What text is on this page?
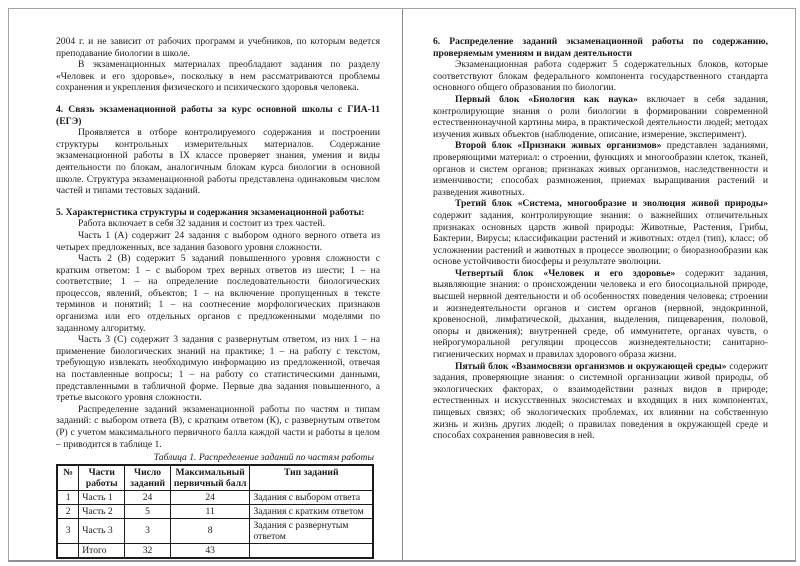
2004 г. и не зависит от рабочих программ и учебников, по которым ведется преподавание биологии в школе.

В экзаменационных материалах преобладают задания по разделу «Человек и его здоровье», поскольку в нем рассматриваются проблемы сохранения и укрепления физического и психического здоровья человека.

4. Связь экзаменационной работы за курс основной школы с ГИА-11 (ЕГЭ)

Проявляется в отборе контролируемого содержания и построении структуры контрольных измерительных материалов. Содержание экзаменационной работы в IX классе проверяет знания, умения и виды деятельности по блокам, аналогичным блокам курса биологии в основной школе. Структура экзаменационной работы представлена одинаковым числом частей и типами тестовых заданий.

5. Характеристика структуры и содержания экзаменационной работы:

Работа включает в себя 32 задания и состоит из трех частей.

Часть 1 (А) содержит 24 задания с выбором одного верного ответа из четырех предложенных, все задания базового уровня сложности.

Часть 2 (В) содержит 5 заданий повышенного уровня сложности с кратким ответом: 1 – с выбором трех верных ответов из шести; 1 – на соответствие; 1 – на определение последовательности биологических процессов, явлений, объектов; 1 – на включение пропущенных в тексте терминов и понятий; 1 – на соотнесение морфологических признаков организма или его отдельных органов с предложенными моделями по заданному алгоритму.

Часть 3 (С) содержит 3 задания с развернутым ответом, из них 1 – на применение биологических знаний на практике; 1 – на работу с текстом, требующую извлекать необходимую информацию из предложенной, отвечая на поставленные вопросы; 1 – на работу со статистическими данными, представленными в табличной форме. Первые два задания повышенного, а третье высокого уровня сложности.

Распределение заданий экзаменационной работы по частям и типам заданий: с выбором ответа (В), с кратким ответом (К), с развернутым ответом (Р) с учетом максимального первичного балла каждой части и работы в целом – приводится в таблице 1.

Таблица 1. Распределение заданий по частям работы

№	Части работы	Число заданий	Максимальный первичный балл	Тип заданий
1	Часть 1	24	24	Задания с выбором ответа
2	Часть 2	5	11	Задания с кратким ответом
3	Часть 3	3	8	Задания с развернутым ответом
	Итого	32	43	
6. Распределение заданий экзаменационной работы по содержанию, проверяемым умениям и видам деятельности

Экзаменационная работа содержит 5 содержательных блоков, которые соответствуют блокам федерального компонента государственного стандарта основного общего образования по биологии.

Первый блок «Биология как наука» включает в себя задания, контролирующие знания о роли биологии в формировании современной естественнонаучной картины мира, в практической деятельности людей; методах изучения живых объектов (наблюдение, описание, измерение, эксперимент).

Второй блок «Признаки живых организмов» представлен заданиями, проверяющими материал: о строении, функциях и многообразии клеток, тканей, органов и систем органов; признаках живых организмов, наследственности и изменчивости; способах размножения, приемах выращивания растений и разведения животных.

Третий блок «Система, многообразие и эволюция живой природы» содержит задания, контролирующие знания: о важнейших отличительных признаках основных царств живой природы: Животные, Растения, Грибы, Бактерии, Вирусы; классификации растений и животных: отдел (тип), класс; об усложнении растений и животных в процессе эволюции; о биоразнообразии как основе устойчивости биосферы и результате эволюции.

Четвертый блок «Человек и его здоровье» содержит задания, выявляющие знания: о происхождении человека и его биосоциальной природе, высшей нервной деятельности и об особенностях поведения человека; строении и жизнедеятельности органов и систем органов (нервной, эндокринной, кровеносной, лимфатической, дыхания, выделения, пищеварения, половой, опоры и движения); внутренней среде, об иммунитете, органах чувств, о нейрогуморальной регуляции процессов жизнедеятельности; санитарно-гигиенических нормах и правилах здорового образа жизни.

Пятый блок «Взаимосвязи организмов и окружающей среды» содержит задания, проверяющие знания: о системной организации живой природы, об экологических факторах, о взаимодействии разных видов в природе; естественных и искусственных экосистемах и входящих в них компонентах, пищевых связях; об экологических проблемах, их влиянии на собственную жизнь и жизнь других людей; о правилах поведения в окружающей среде и способах сохранения равновесия в ней.
